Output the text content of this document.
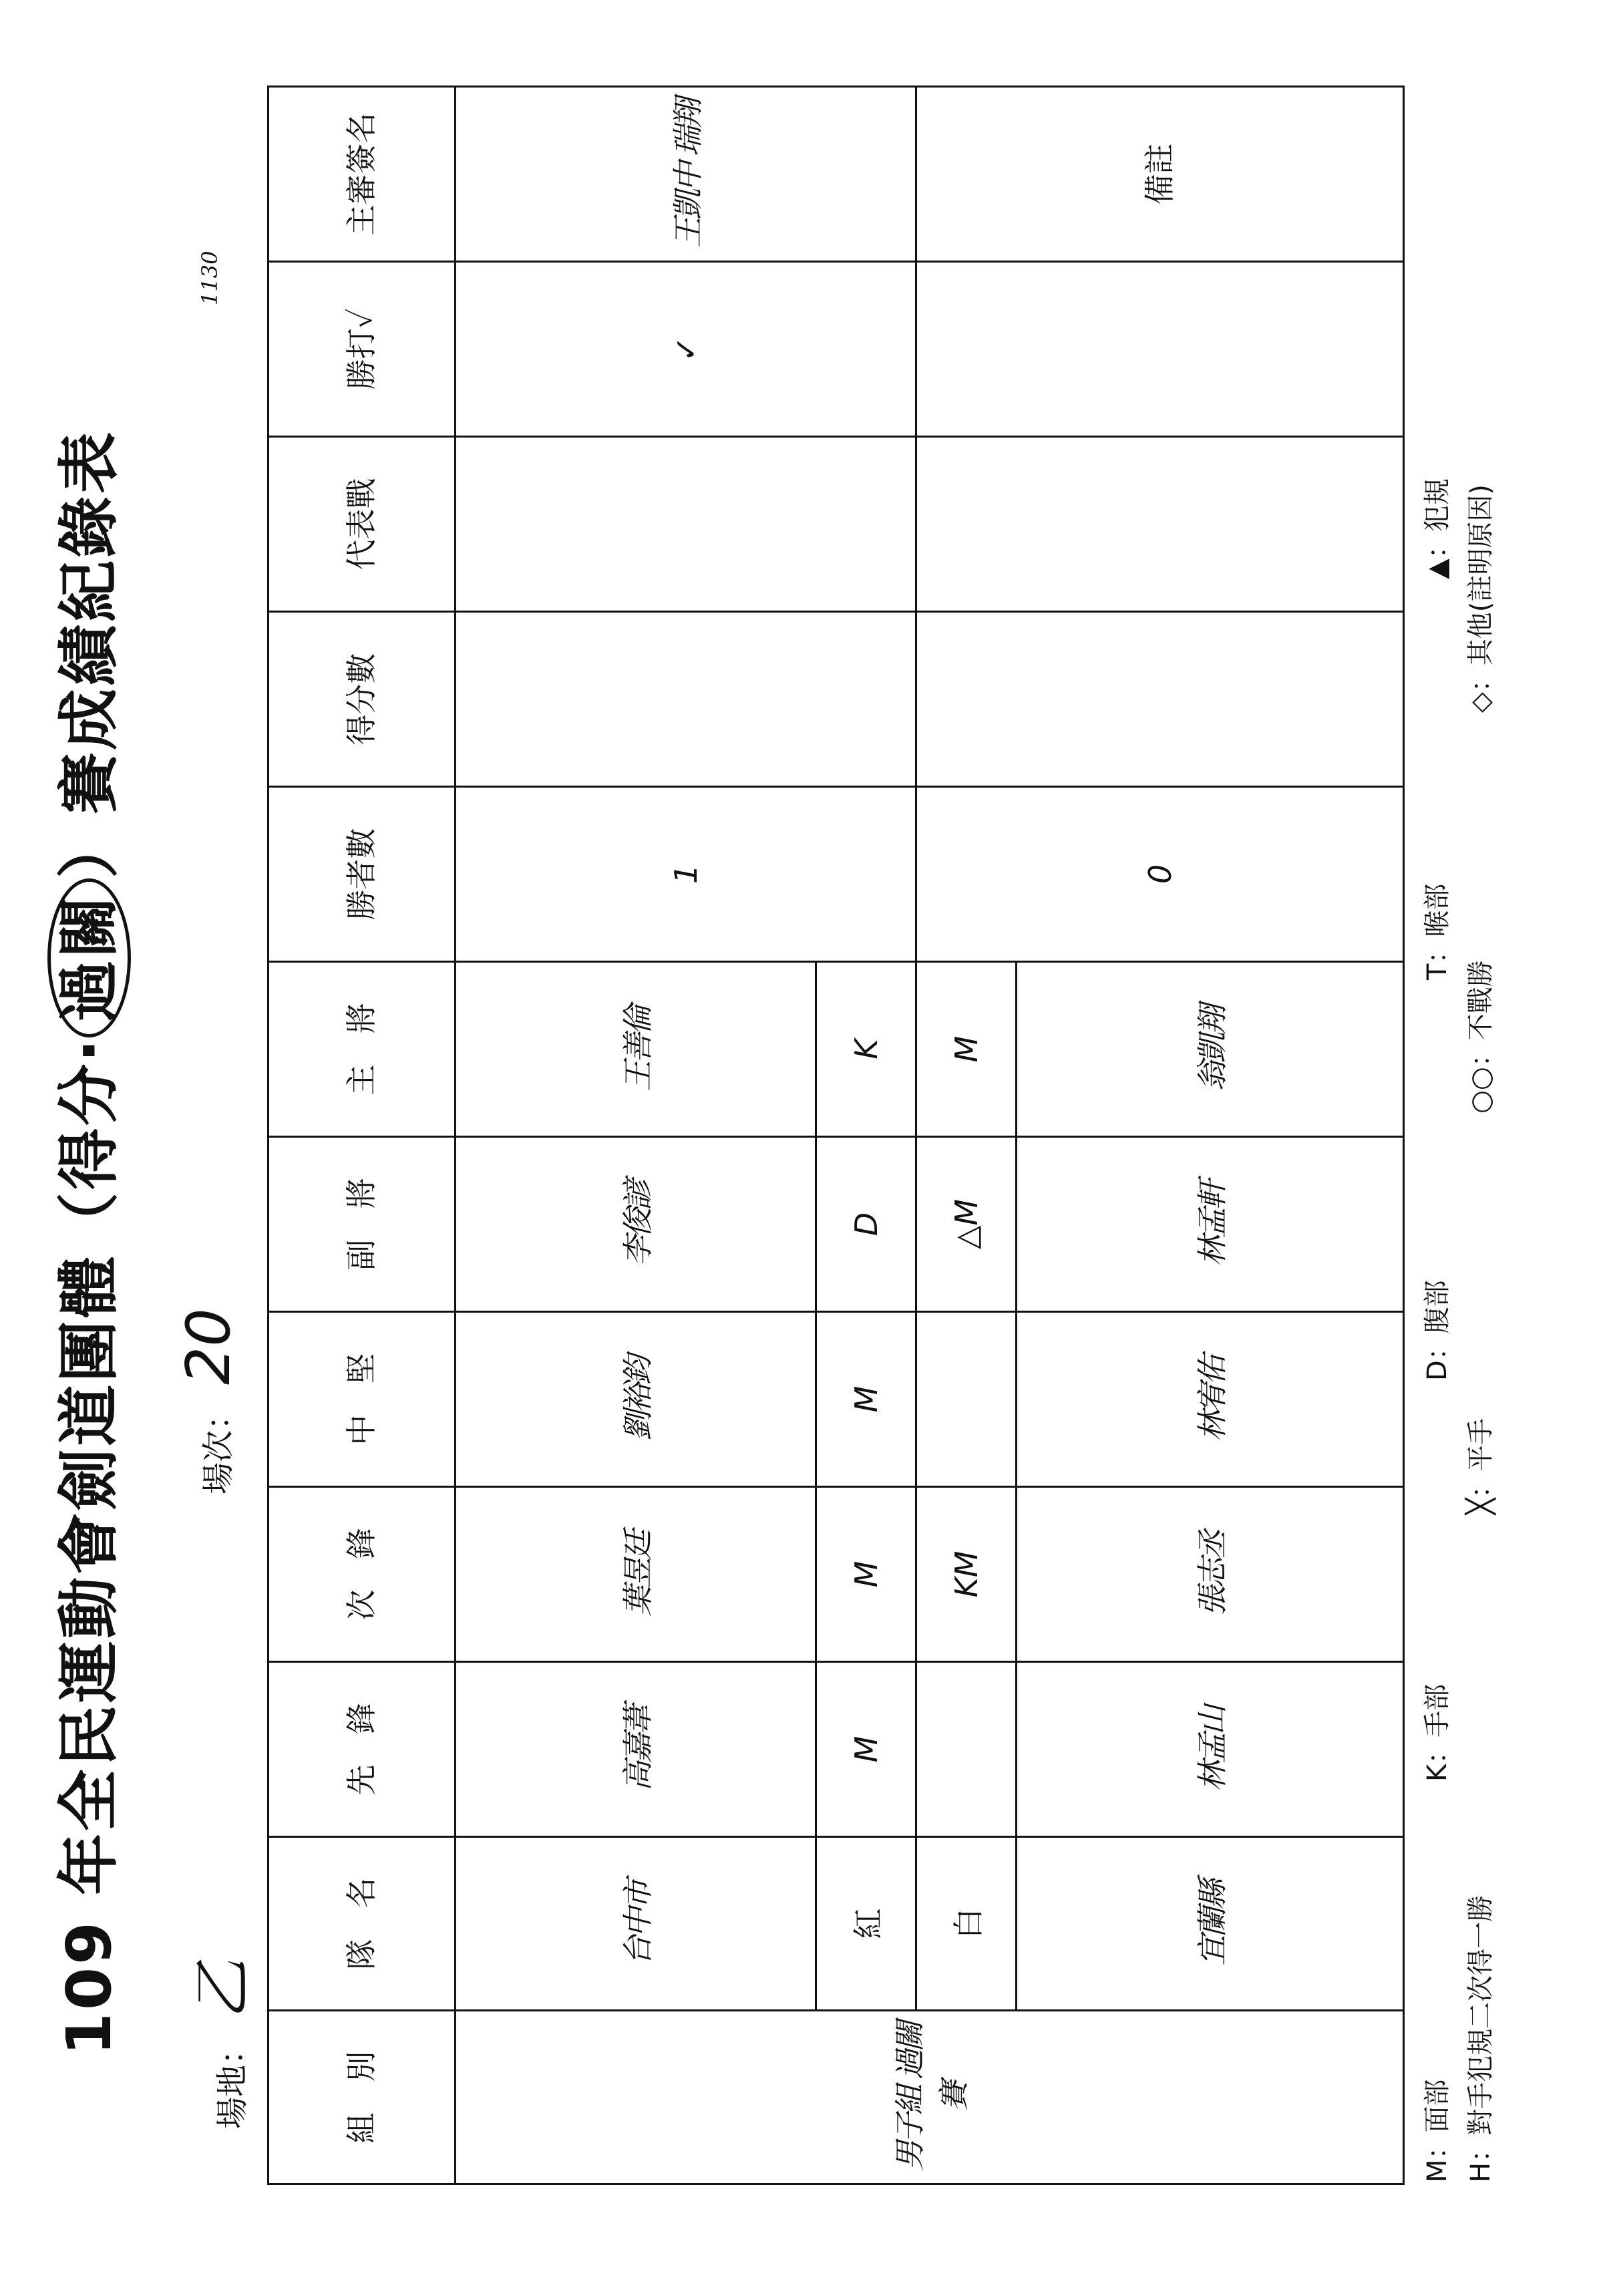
109 年全民運動會劍道團體（得分‧過關）賽成績紀錄表
場地：乙
場次：20
1130
組　別	隊　名	先　鋒	次　鋒	中　堅	副　將	主　將	勝者數	得分數	代表戰	勝打✓	主審簽名
男子組 過關賽	台中市	高嘉葦	葉昱廷	劉裕鈞	李俊諺	王善倫	1			✓	王凱中 瑞翔
	紅	M	M	M	D	K					
	白		KM		△M	M	0				備註
	宜蘭縣	林孟山	張志丞	林宥佑	林孟軒	翁凱翔					
M：面部K：手部D：腹部T：喉部▲：犯規
H：對手犯規二次得一勝╳：平手○○：不戰勝◇：其他(註明原因)
